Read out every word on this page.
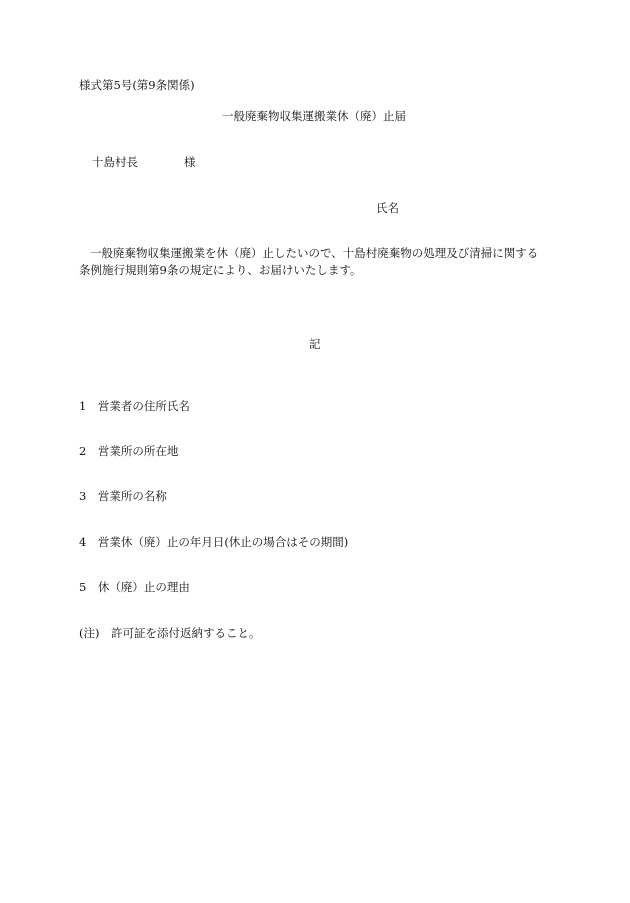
様式第5号(第9条関係)
一般廃棄物収集運搬業休（廃）止届
十島村長	様
氏名
一般廃棄物収集運搬業を休（廃）止したいので、十島村廃棄物の処理及び清掃に関する
条例施行規則第9条の規定により、お届けいたします。
記
1　営業者の住所氏名
2　営業所の所在地
3　営業所の名称
4　営業休（廃）止の年月日(休止の場合はその期間)
5　休（廃）止の理由
(注)　許可証を添付返納すること。
